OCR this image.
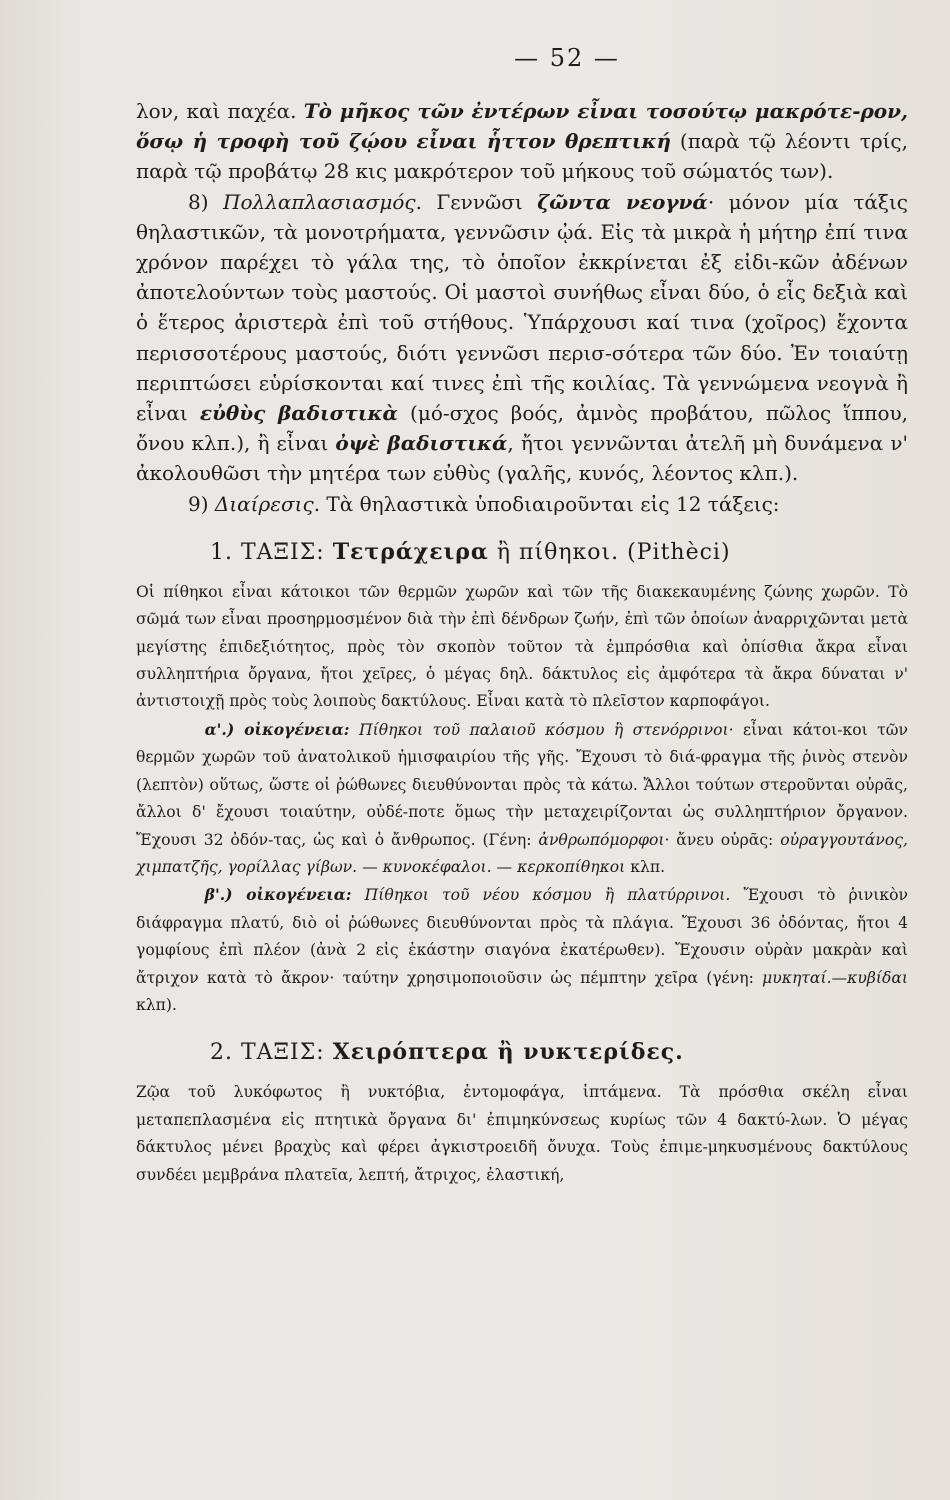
— 52 —

λον, καὶ παχέα. Τὸ μῆκος τῶν ἐντέρων εἶναι τοσούτῳ μακρότε-ρον, ὅσῳ ἡ τροφὴ τοῦ ζῴου εἶναι ἧττον θρεπτική (παρὰ τῷ λέοντι τρίς, παρὰ τῷ προβάτῳ 28 κις μακρότερον τοῦ μήκους τοῦ σώματός των).

8) Πολλαπλασιασμός. Γεννῶσι ζῶντα νεογνά· μόνον μία τάξις θηλαστικῶν, τὰ μονοτρήματα, γεννῶσιν ᾠά. Εἰς τὰ μικρὰ ἡ μήτηρ ἐπί τινα χρόνον παρέχει τὸ γάλα της, τὸ ὁποῖον ἐκκρίνεται ἐξ εἰδι-κῶν ἀδένων ἀποτελούντων τοὺς μαστούς. Οἱ μαστοὶ συνήθως εἶναι δύο, ὁ εἷς δεξιὰ καὶ ὁ ἕτερος ἀριστερὰ ἐπὶ τοῦ στήθους. Ὑπάρχουσι καί τινα (χοῖρος) ἔχοντα περισσοτέρους μαστούς, διότι γεννῶσι περισ-σότερα τῶν δύο. Ἐν τοιαύτῃ περιπτώσει εὑρίσκονται καί τινες ἐπὶ τῆς κοιλίας. Τὰ γεννώμενα νεογνὰ ἢ εἶναι εὐθὺς βαδιστικὰ (μό-σχος βοός, ἀμνὸς προβάτου, πῶλος ἵππου, ὄνου κλπ.), ἢ εἶναι ὀψὲ βαδιστικά, ἤτοι γεννῶνται ἀτελῆ μὴ δυνάμενα ν' ἀκολουθῶσι τὴν μητέρα των εὐθὺς (γαλῆς, κυνός, λέοντος κλπ.).

9) Διαίρεσις. Τὰ θηλαστικὰ ὑποδιαιροῦνται εἰς 12 τάξεις:

1. ΤΑΞΙΣ: Τετράχειρα ἢ πίθηκοι. (Pithèci)

Οἱ πίθηκοι εἶναι κάτοικοι τῶν θερμῶν χωρῶν καὶ τῶν τῆς διακεκαυμένης ζώνης χωρῶν. Τὸ σῶμά των εἶναι προσηρμοσμένον διὰ τὴν ἐπὶ δένδρων ζωήν, ἐπὶ τῶν ὁποίων ἀναρριχῶνται μετὰ μεγίστης ἐπιδεξιότητος, πρὸς τὸν σκοπὸν τοῦτον τὰ ἐμπρόσθια καὶ ὀπίσθια ἄκρα εἶναι συλληπτήρια ὄργανα, ἤτοι χεῖρες, ὁ μέγας δηλ. δάκτυλος εἰς ἀμφότερα τὰ ἄκρα δύναται ν' ἀντιστοιχῇ πρὸς τοὺς λοιποὺς δακτύλους. Εἶναι κατὰ τὸ πλεῖστον καρποφάγοι.

α'.) οἰκογένεια: Πίθηκοι τοῦ παλαιοῦ κόσμου ἢ στενόρρινοι· εἶναι κάτοι-κοι τῶν θερμῶν χωρῶν τοῦ ἀνατολικοῦ ἡμισφαιρίου τῆς γῆς. Ἔχουσι τὸ διά-φραγμα τῆς ῥινὸς στενὸν (λεπτὸν) οὕτως, ὥστε οἱ ῥώθωνες διευθύνονται πρὸς τὰ κάτω. Ἄλλοι τούτων στεροῦνται οὐρᾶς, ἄλλοι δ' ἔχουσι τοιαύτην, οὐδέ-ποτε ὅμως τὴν μεταχειρίζονται ὡς συλληπτήριον ὄργανον. Ἔχουσι 32 ὀδόν-τας, ὡς καὶ ὁ ἄνθρωπος. (Γένη: ἀνθρωπόμορφοι· ἄνευ οὐρᾶς: οὐραγγουτάνος, χιμπατζῆς, γορίλλας γίβων. — κυνοκέφαλοι. — κερκοπίθηκοι κλπ.

β'.) οἰκογένεια: Πίθηκοι τοῦ νέου κόσμου ἢ πλατύρρινοι. Ἔχουσι τὸ ῥινικὸν διάφραγμα πλατύ, διὸ οἱ ῥώθωνες διευθύνονται πρὸς τὰ πλάγια. Ἔχουσι 36 ὀδόντας, ἤτοι 4 γομφίους ἐπὶ πλέον (ἀνὰ 2 εἰς ἑκάστην σιαγόνα ἑκατέρωθεν). Ἔχουσιν οὐρὰν μακρὰν καὶ ἄτριχον κατὰ τὸ ἄκρον· ταύτην χρησιμοποιοῦσιν ὡς πέμπτην χεῖρα (γένη: μυκηταί.—κυβίδαι κλπ).

2. ΤΑΞΙΣ: Χειρόπτερα ἢ νυκτερίδες.

Ζῷα τοῦ λυκόφωτος ἢ νυκτόβια, ἐντομοφάγα, ἱπτάμενα. Τὰ πρόσθια σκέλη εἶναι μεταπεπλασμένα εἰς πτητικὰ ὄργανα δι' ἐπιμηκύνσεως κυρίως τῶν 4 δακτύ-λων. Ὁ μέγας δάκτυλος μένει βραχὺς καὶ φέρει ἀγκιστροειδῆ ὄνυχα. Τοὺς ἐπιμε-μηκυσμένους δακτύλους συνδέει μεμβράνα πλατεῖα, λεπτή, ἄτριχος, ἐλαστική,
